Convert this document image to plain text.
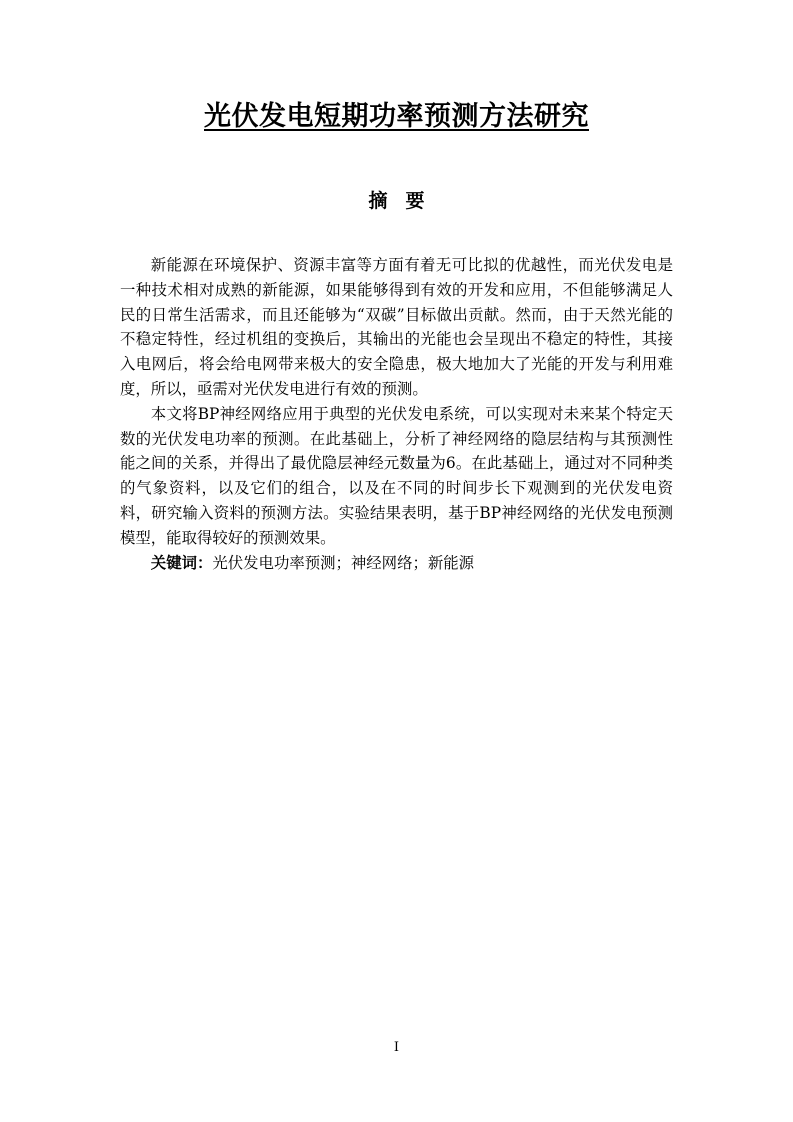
光伏发电短期功率预测方法研究
摘要

新能源在环境保护、资源丰富等方面有着无可比拟的优越性，而光伏发电是一种技术相对成熟的新能源，如果能够得到有效的开发和应用，不但能够满足人民的日常生活需求，而且还能够为“双碳”目标做出贡献。然而，由于天然光能的不稳定特性，经过机组的变换后，其输出的光能也会呈现出不稳定的特性，其接入电网后，将会给电网带来极大的安全隐患，极大地加大了光能的开发与利用难度，所以，亟需对光伏发电进行有效的预测。

本文将BP神经网络应用于典型的光伏发电系统，可以实现对未来某个特定天数的光伏发电功率的预测。在此基础上，分析了神经网络的隐层结构与其预测性能之间的关系，并得出了最优隐层神经元数量为6。在此基础上，通过对不同种类的气象资料，以及它们的组合，以及在不同的时间步长下观测到的光伏发电资料，研究输入资料的预测方法。实验结果表明，基于BP神经网络的光伏发电预测模型，能取得较好的预测效果。

关键词：光伏发电功率预测；神经网络；新能源

I
